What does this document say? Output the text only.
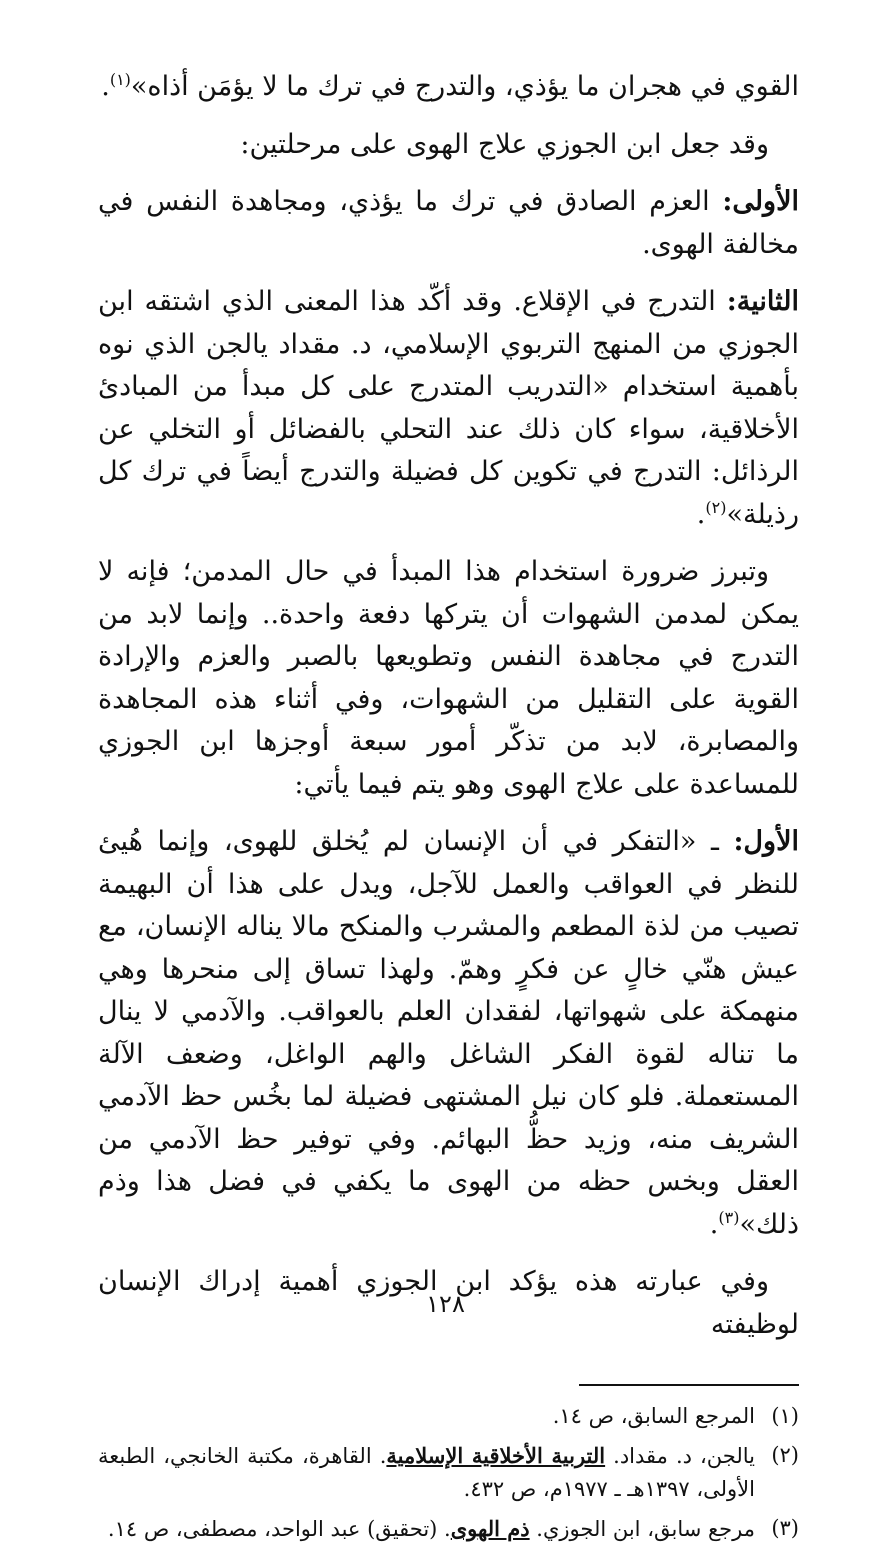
القوي في هجران ما يؤذي، والتدرج في ترك ما لا يؤمَن أذاه»$^{(١)}$.

وقد جعل ابن الجوزي علاج الهوى على مرحلتين:

الأولى: العزم الصادق في ترك ما يؤذي، ومجاهدة النفس في مخالفة الهوى.

الثانية: التدرج في الإقلاع. وقد أكّد هذا المعنى الذي اشتقه ابن الجوزي من المنهج التربوي الإسلامي، د. مقداد يالجن الذي نوه بأهمية استخدام «التدريب المتدرج على كل مبدأ من المبادئ الأخلاقية، سواء كان ذلك عند التحلي بالفضائل أو التخلي عن الرذائل: التدرج في تكوين كل فضيلة والتدرج أيضاً في ترك كل رذيلة»$^{(٢)}$.

وتبرز ضرورة استخدام هذا المبدأ في حال المدمن؛ فإنه لا يمكن لمدمن الشهوات أن يتركها دفعة واحدة.. وإنما لابد من التدرج في مجاهدة النفس وتطويعها بالصبر والعزم والإرادة القوية على التقليل من الشهوات، وفي أثناء هذه المجاهدة والمصابرة، لابد من تذكّر أمور سبعة أوجزها ابن الجوزي للمساعدة على علاج الهوى وهو يتم فيما يأتي:

الأول: ـ «التفكر في أن الإنسان لم يُخلق للهوى، وإنما هُيئ للنظر في العواقب والعمل للآجل، ويدل على هذا أن البهيمة تصيب من لذة المطعم والمشرب والمنكح مالا يناله الإنسان، مع عيش هنّي خالٍ عن فكرٍ وهمّ. ولهذا تساق إلى منحرها وهي منهمكة على شهواتها، لفقدان العلم بالعواقب. والآدمي لا ينال ما تناله لقوة الفكر الشاغل والهم الواغل، وضعف الآلة المستعملة. فلو كان نيل المشتهى فضيلة لما بخُس حظ الآدمي الشريف منه، وزيد حظُّ البهائم. وفي توفير حظ الآدمي من العقل وبخس حظه من الهوى ما يكفي في فضل هذا وذم ذلك»$^{(٣)}$.

وفي عبارته هذه يؤكد ابن الجوزي أهمية إدراك الإنسان لوظيفته

(١)
المرجع السابق، ص ١٤.
(٢)
يالجن، د. مقداد. التربية الأخلاقية الإسلامية. القاهرة، مكتبة الخانجي، الطبعة الأولى، ١٣٩٧هـ ـ ١٩٧٧م، ص ٤٣٢.
(٣)
مرجع سابق، ابن الجوزي. ذم الهوى. (تحقيق) عبد الواحد، مصطفى، ص ١٤.
١٢٨
